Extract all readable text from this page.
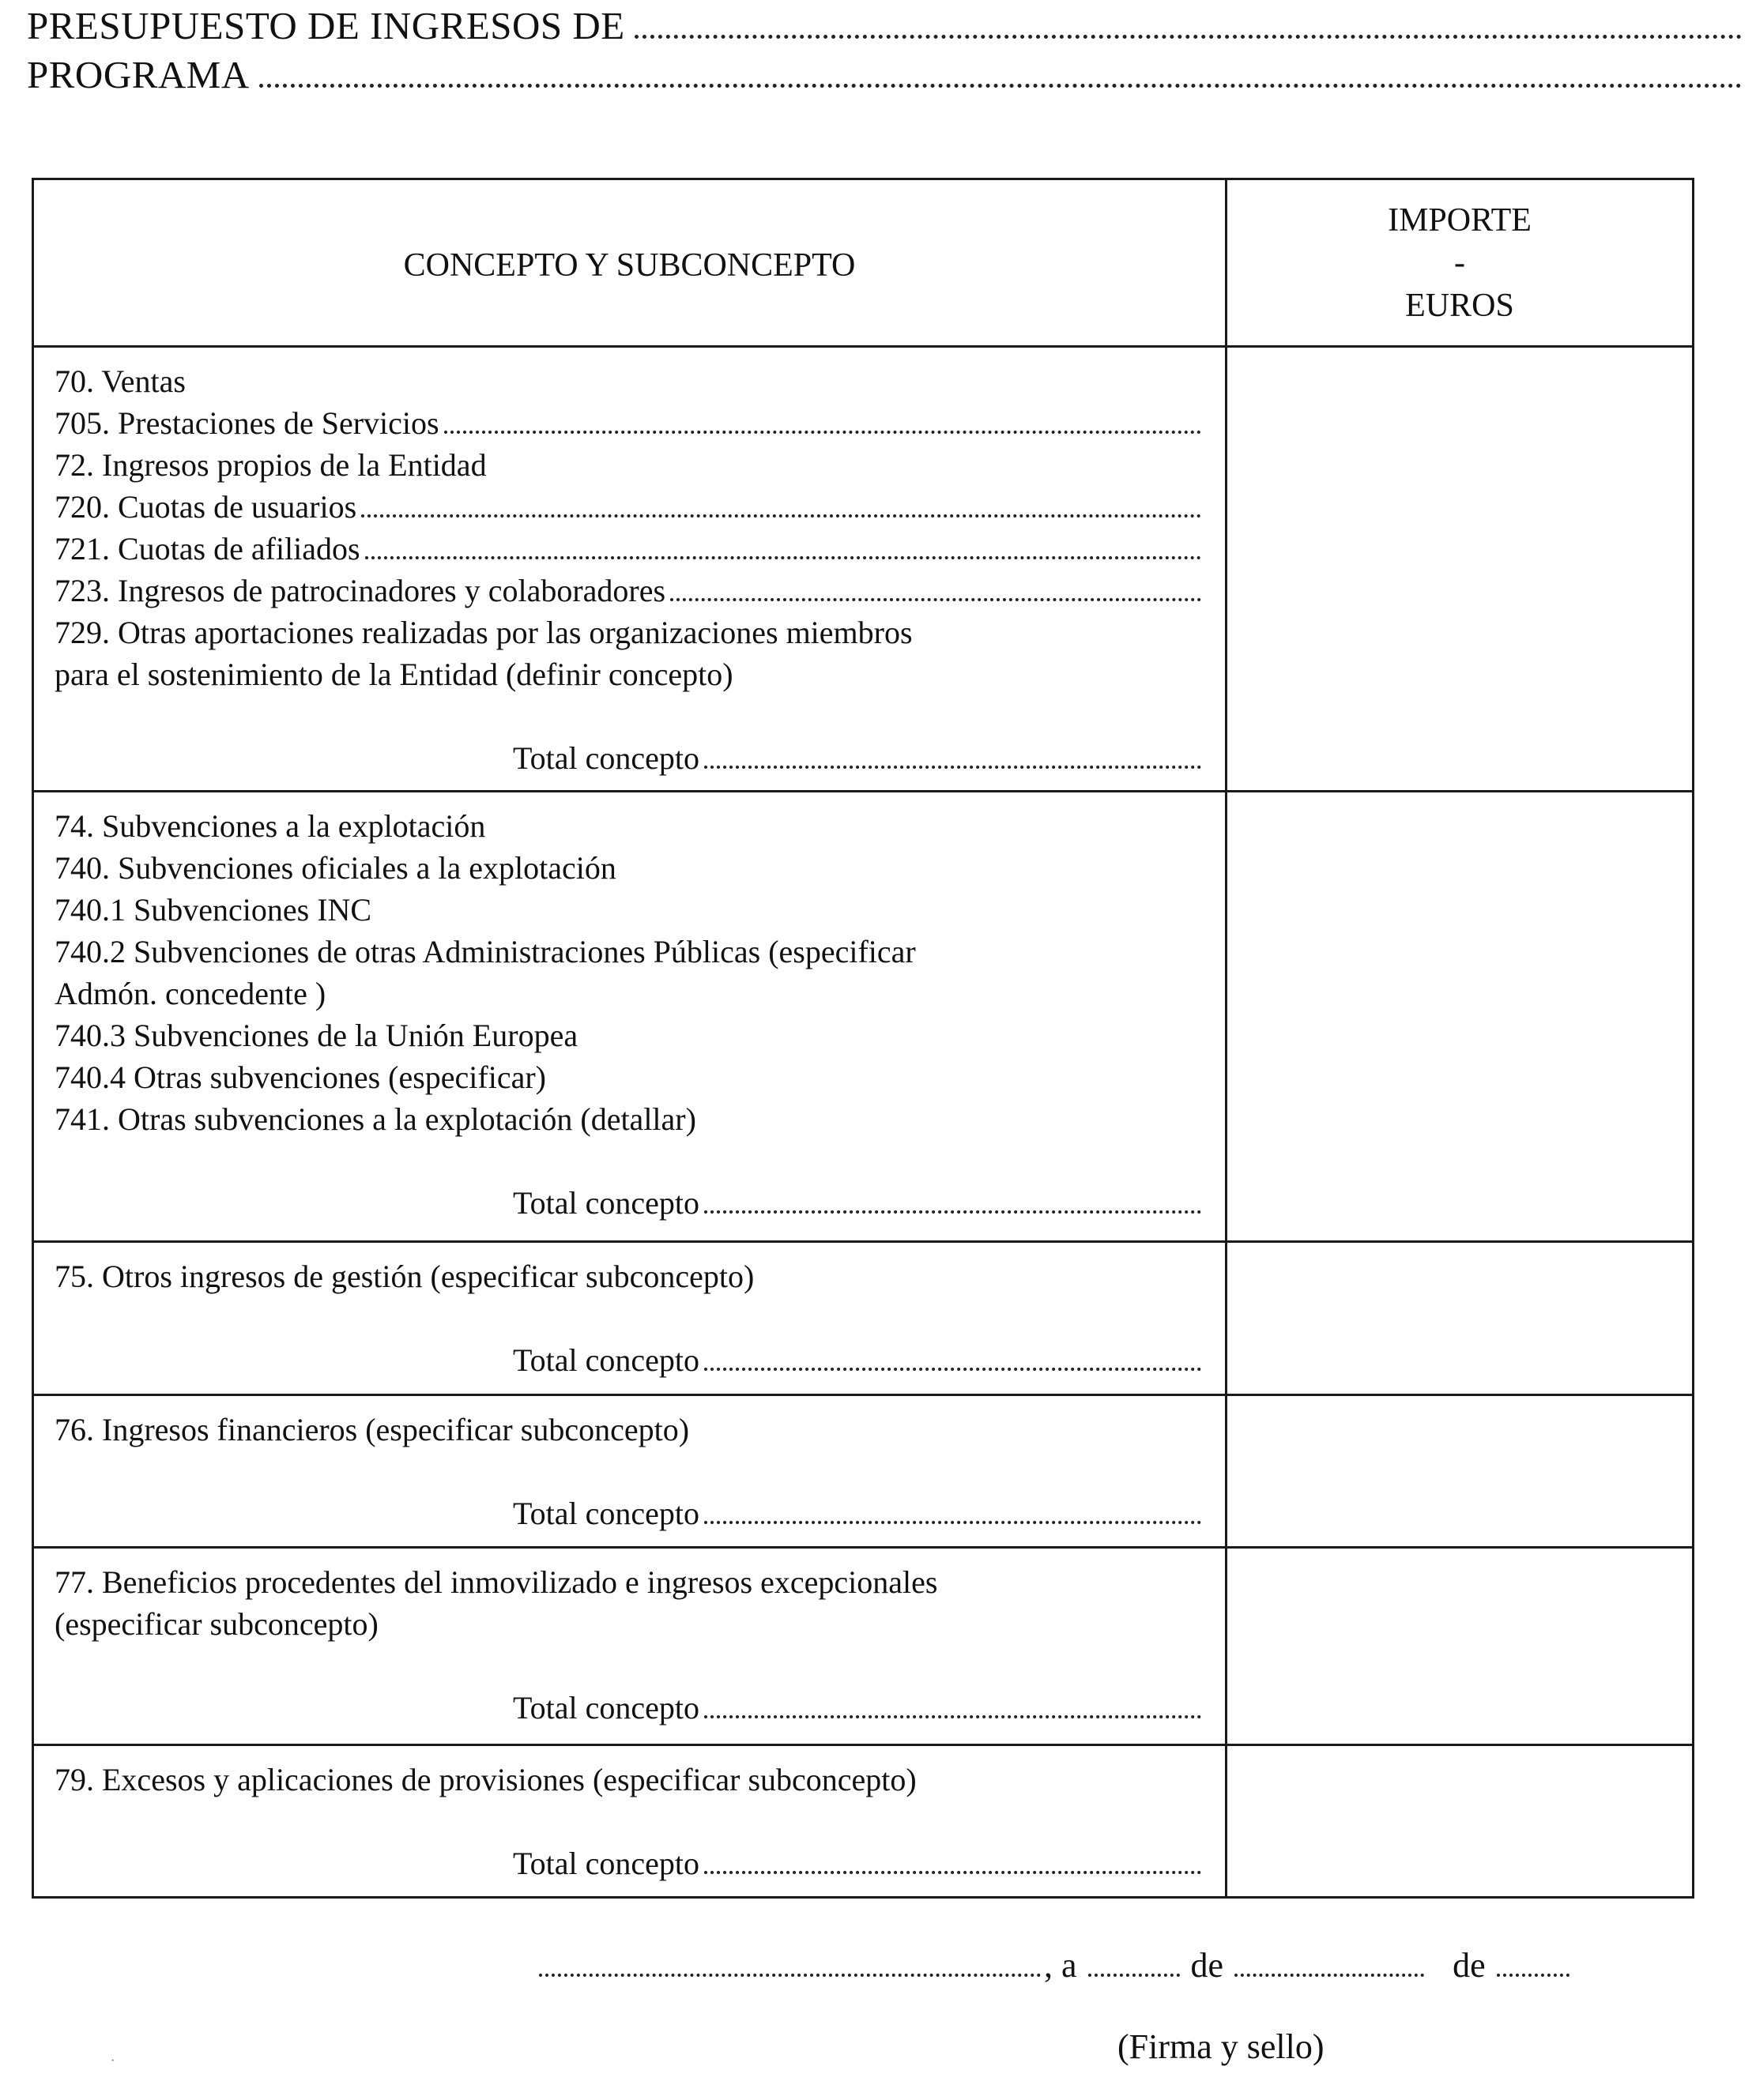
PRESUPUESTO DE INGRESOS DE
PROGRAMA
CONCEPTO Y SUBCONCEPTO
IMPORTE
-
EUROS
70. Ventas
705. Prestaciones de Servicios
72. Ingresos propios de la Entidad
720. Cuotas de usuarios
721. Cuotas de afiliados
723. Ingresos de patrocinadores y colaboradores
729. Otras aportaciones realizadas por las organizaciones miembros
para el sostenimiento de la Entidad (definir concepto)
Total concepto
74. Subvenciones a la explotación
740. Subvenciones oficiales a la explotación
740.1 Subvenciones INC
740.2 Subvenciones de otras Administraciones Públicas (especificar
Admón. concedente )
740.3 Subvenciones de la Unión Europea
740.4 Otras subvenciones (especificar)
741. Otras subvenciones a la explotación (detallar)
Total concepto
75. Otros ingresos de gestión (especificar subconcepto)
Total concepto
76. Ingresos financieros (especificar subconcepto)
Total concepto
77. Beneficios procedentes del inmovilizado e ingresos excepcionales
(especificar subconcepto)
Total concepto
79. Excesos y aplicaciones de provisiones (especificar subconcepto)
Total concepto
, a	de	de
(Firma y sello)
·
